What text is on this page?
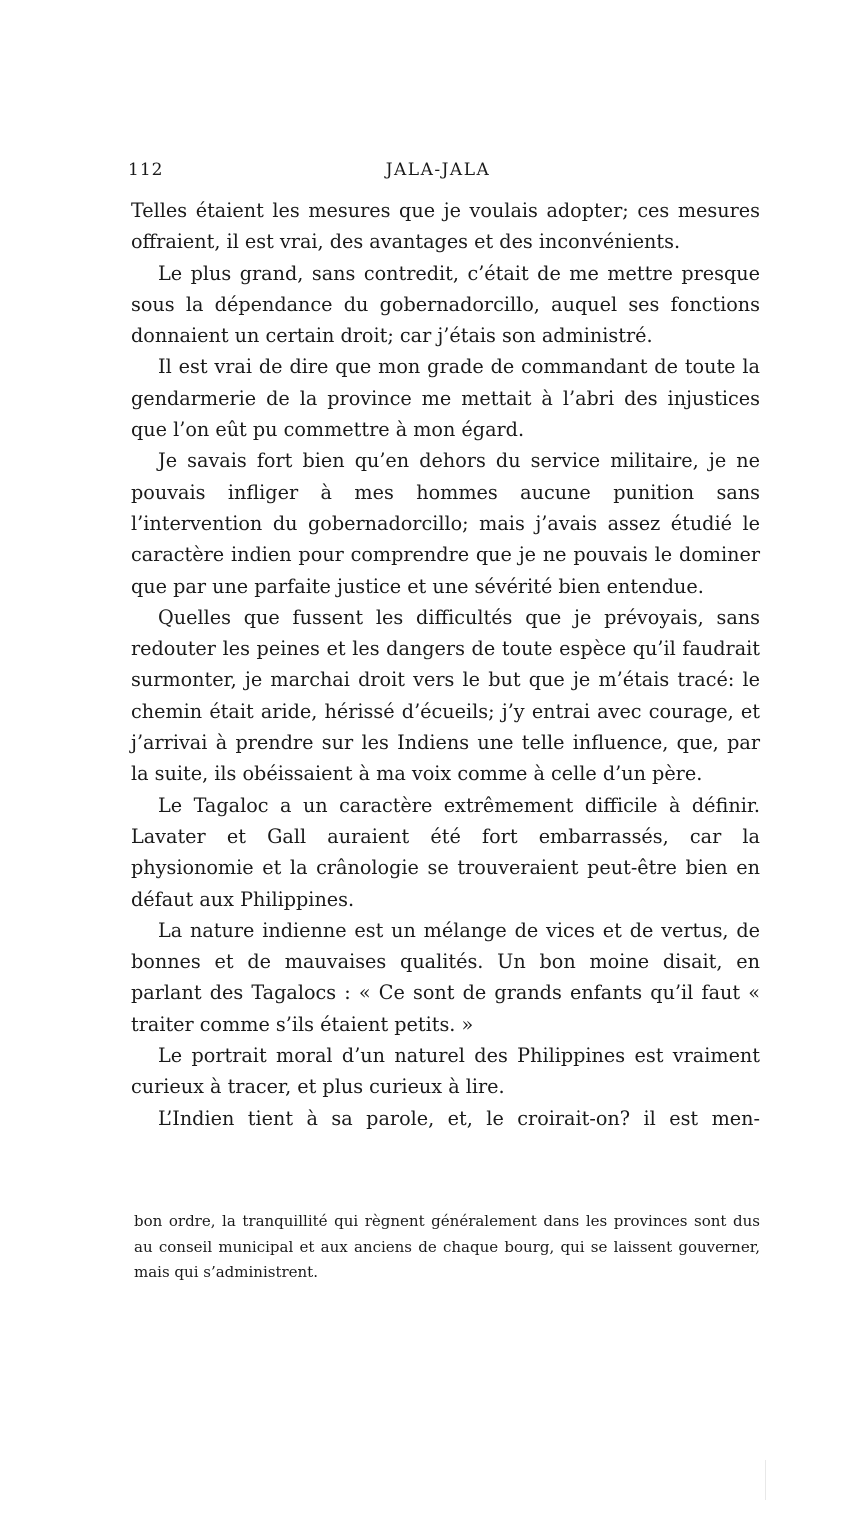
112	JALA-JALA

Telles étaient les mesures que je voulais adopter; ces mesures offraient, il est vrai, des avantages et des inconvénients.

Le plus grand, sans contredit, c’était de me mettre presque sous la dépendance du gobernadorcillo, auquel ses fonctions donnaient un certain droit; car j’étais son administré.

Il est vrai de dire que mon grade de commandant de toute la gendarmerie de la province me mettait à l’abri des injustices que l’on eût pu commettre à mon égard.

Je savais fort bien qu’en dehors du service militaire, je ne pouvais infliger à mes hommes aucune punition sans l’intervention du gobernadorcillo; mais j’avais assez étudié le caractère indien pour comprendre que je ne pouvais le dominer que par une parfaite justice et une sévérité bien entendue.

Quelles que fussent les difficultés que je prévoyais, sans redouter les peines et les dangers de toute espèce qu’il faudrait surmonter, je marchai droit vers le but que je m’étais tracé: le chemin était aride, hérissé d’écueils; j’y entrai avec courage, et j’arrivai à prendre sur les Indiens une telle influence, que, par la suite, ils obéissaient à ma voix comme à celle d’un père.

Le Tagaloc a un caractère extrêmement difficile à définir. Lavater et Gall auraient été fort embarrassés, car la physionomie et la crânologie se trouveraient peut-être bien en défaut aux Philippines.

La nature indienne est un mélange de vices et de vertus, de bonnes et de mauvaises qualités. Un bon moine disait, en parlant des Tagalocs : « Ce sont de grands enfants qu’il faut « traiter comme s’ils étaient petits. »

Le portrait moral d’un naturel des Philippines est vraiment curieux à tracer, et plus curieux à lire.

L’Indien tient à sa parole, et, le croirait-on? il est men-

bon ordre, la tranquillité qui règnent généralement dans les provinces sont dus au conseil municipal et aux anciens de chaque bourg, qui se laissent gouverner, mais qui s’administrent.
